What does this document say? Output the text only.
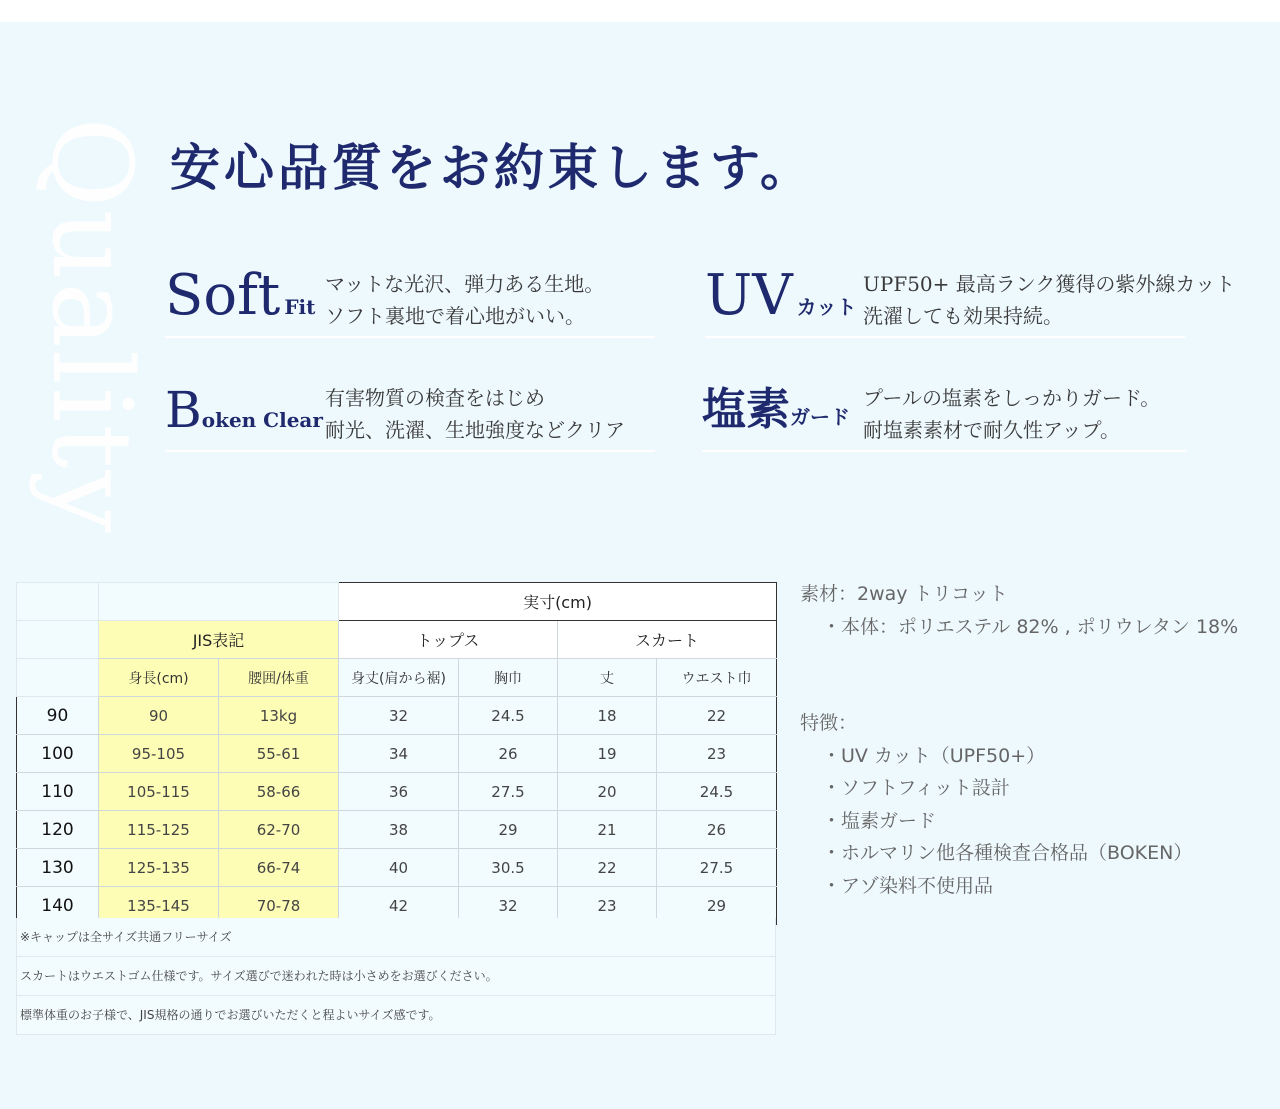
Quality 安心品質をお約束します。
Soft Fit
マットな光沢、弾力ある生地。
ソフト裏地で着心地がいい。	UV カット
UPF50+ 最高ランク獲得の紫外線カット
洗濯しても効果持続。
Boken Clear
有害物質の検査をはじめ
耐光、洗濯、生地強度などクリア 塩素ガード
プールの塩素をしっかりガード。
耐塩素素材で耐久性アップ。
			実寸(cm)			
	JIS表記		トップス		スカート	
	身長(cm)	腰囲/体重	身丈(肩から裾)	胸巾	丈	ウエスト巾
90	90	13kg	32	24.5	18	22
100	95-105	55-61	34	26	19	23
110	105-115	58-66	36	27.5	20	24.5
120	115-125	62-70	38	29	21	26
130	125-135	66-74	40	30.5	22	27.5
140	135-145	70-78	42	32	23	29
※キャップは全サイズ共通フリーサイズ
スカートはウエストゴム仕様です。サイズ選びで迷われた時は小さめをお選びください。
標準体重のお子様で、JIS規格の通りでお選びいただくと程よいサイズ感です。
素材：2way トリコット
・本体：ポリエステル 82% , ポリウレタン 18%
特徴：
・UV カット（UPF50+）
・ソフトフィット設計
・塩素ガード
・ホルマリン他各種検査合格品（BOKEN）
・アゾ染料不使用品
